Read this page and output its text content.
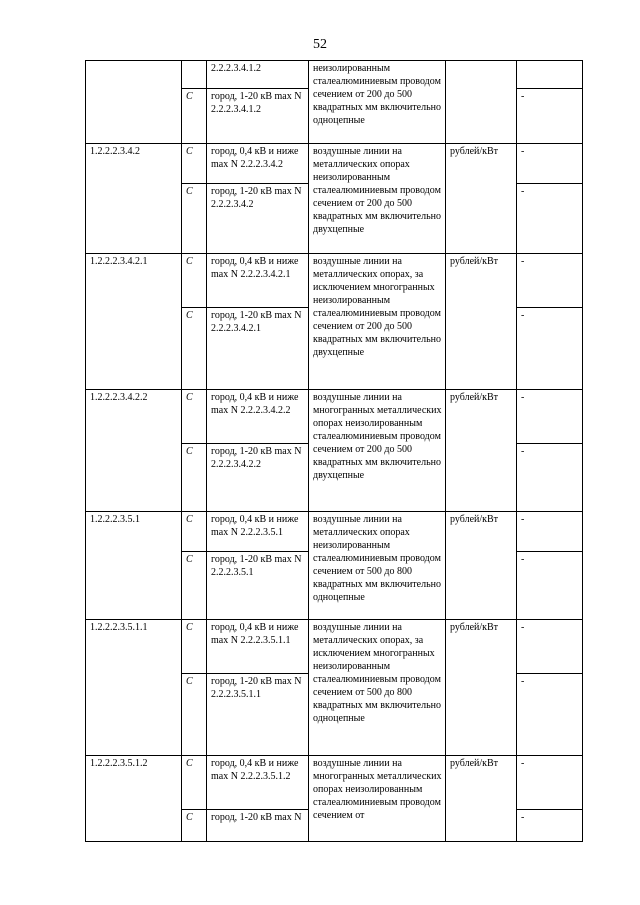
52
		2.2.2.3.4.1.2	неизолированным сталеалюминиевым проводом сечением от 200 до 500 квадратных мм включительно одноцепные		
	C	город, 1-20 кВ max N 2.2.2.3.4.1.2			-
1.2.2.2.3.4.2	C	город, 0,4 кВ и ниже max N 2.2.2.3.4.2	воздушные линии на металлических опорах неизолированным сталеалюминиевым проводом сечением от 200 до 500 квадратных мм включительно двухцепные	рублей/кВт	-
	C	город, 1-20 кВ max N 2.2.2.3.4.2			-
1.2.2.2.3.4.2.1	C	город, 0,4 кВ и ниже max N 2.2.2.3.4.2.1	воздушные линии на металлических опорах, за исключением многогранных неизолированным сталеалюминиевым проводом сечением от 200 до 500 квадратных мм включительно двухцепные	рублей/кВт	-
	C	город, 1-20 кВ max N 2.2.2.3.4.2.1			-
1.2.2.2.3.4.2.2	C	город, 0,4 кВ и ниже max N 2.2.2.3.4.2.2	воздушные линии на многогранных металлических опорах неизолированным сталеалюминиевым проводом сечением от 200 до 500 квадратных мм включительно двухцепные	рублей/кВт	-
	C	город, 1-20 кВ max N 2.2.2.3.4.2.2			-
1.2.2.2.3.5.1	C	город, 0,4 кВ и ниже max N 2.2.2.3.5.1	воздушные линии на металлических опорах неизолированным сталеалюминиевым проводом сечением от 500 до 800 квадратных мм включительно одноцепные	рублей/кВт	-
	C	город, 1-20 кВ max N 2.2.2.3.5.1			-
1.2.2.2.3.5.1.1	C	город, 0,4 кВ и ниже max N 2.2.2.3.5.1.1	воздушные линии на металлических опорах, за исключением многогранных неизолированным сталеалюминиевым проводом сечением от 500 до 800 квадратных мм включительно одноцепные	рублей/кВт	-
	C	город, 1-20 кВ max N 2.2.2.3.5.1.1			-
1.2.2.2.3.5.1.2	C	город, 0,4 кВ и ниже max N 2.2.2.3.5.1.2	воздушные линии на многогранных металлических опорах неизолированным сталеалюминиевым проводом сечением от	рублей/кВт	-
	C	город, 1-20 кВ max N			-
